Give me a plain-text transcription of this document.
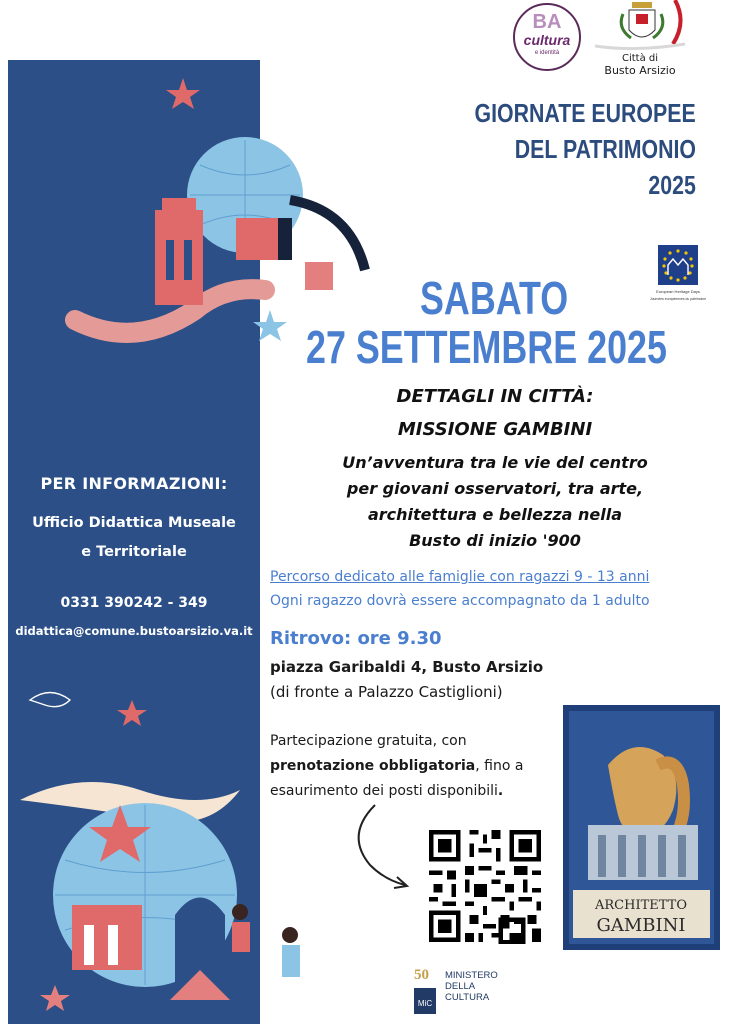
PER INFORMAZIONI:
Ufficio Didattica Museale
e Territoriale
0331 390242 - 349
didattica@comune.bustoarsizio.va.it
BA
cultura
e identità	Città di
Busto Arsizio
GIORNATE EUROPEE
DEL PATRIMONIO
2025
European Heritage Days
Journées européennes du patrimoine
SABATO
27 SETTEMBRE 2025
DETTAGLI IN CITTÀ:
MISSIONE GAMBINI
Un’avventura tra le vie del centro
per giovani osservatori, tra arte,
architettura e bellezza nella
Busto di inizio '900
Percorso dedicato alle famiglie con ragazzi 9 - 13 anni
Ogni ragazzo dovrà essere accompagnato da 1 adulto
Ritrovo: ore 9.30
piazza Garibaldi 4, Busto Arsizio
(di fronte a Palazzo Castiglioni)
Partecipazione gratuita, con
prenotazione obbligatoria, fino a
esaurimento dei posti disponibili.
ARCHITETTO
GAMBINI
MiC
50 MINISTERO
DELLA
CULTURA
